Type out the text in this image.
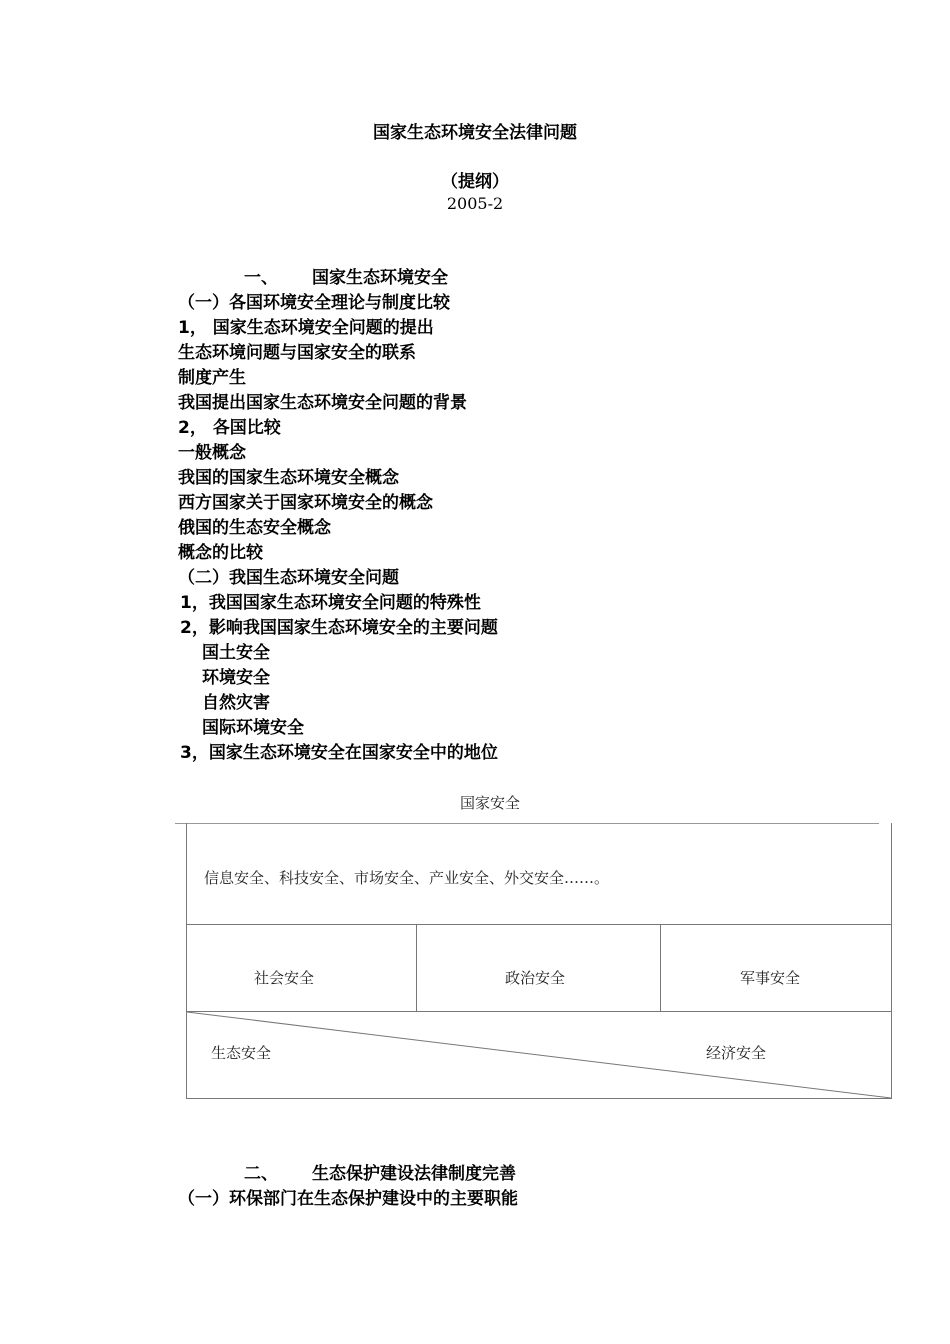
国家生态环境安全法律问题
（提纲）
2005-2
一、 国家生态环境安全
（一）各国环境安全理论与制度比较
1， 国家生态环境安全问题的提出
生态环境问题与国家安全的联系
制度产生
我国提出国家生态环境安全问题的背景
2， 各国比较
一般概念
我国的国家生态环境安全概念
西方国家关于国家环境安全的概念
俄国的生态安全概念
概念的比较
（二）我国生态环境安全问题
1，我国国家生态环境安全问题的特殊性
2，影响我国国家生态环境安全的主要问题
国土安全
环境安全
自然灾害
国际环境安全
3，国家生态环境安全在国家安全中的地位
国家安全
信息安全、科技安全、市场安全、产业安全、外交安全……。
社会安全	政治安全	军事安全
生态安全	经济安全
二、 生态保护建设法律制度完善
（一）环保部门在生态保护建设中的主要职能
